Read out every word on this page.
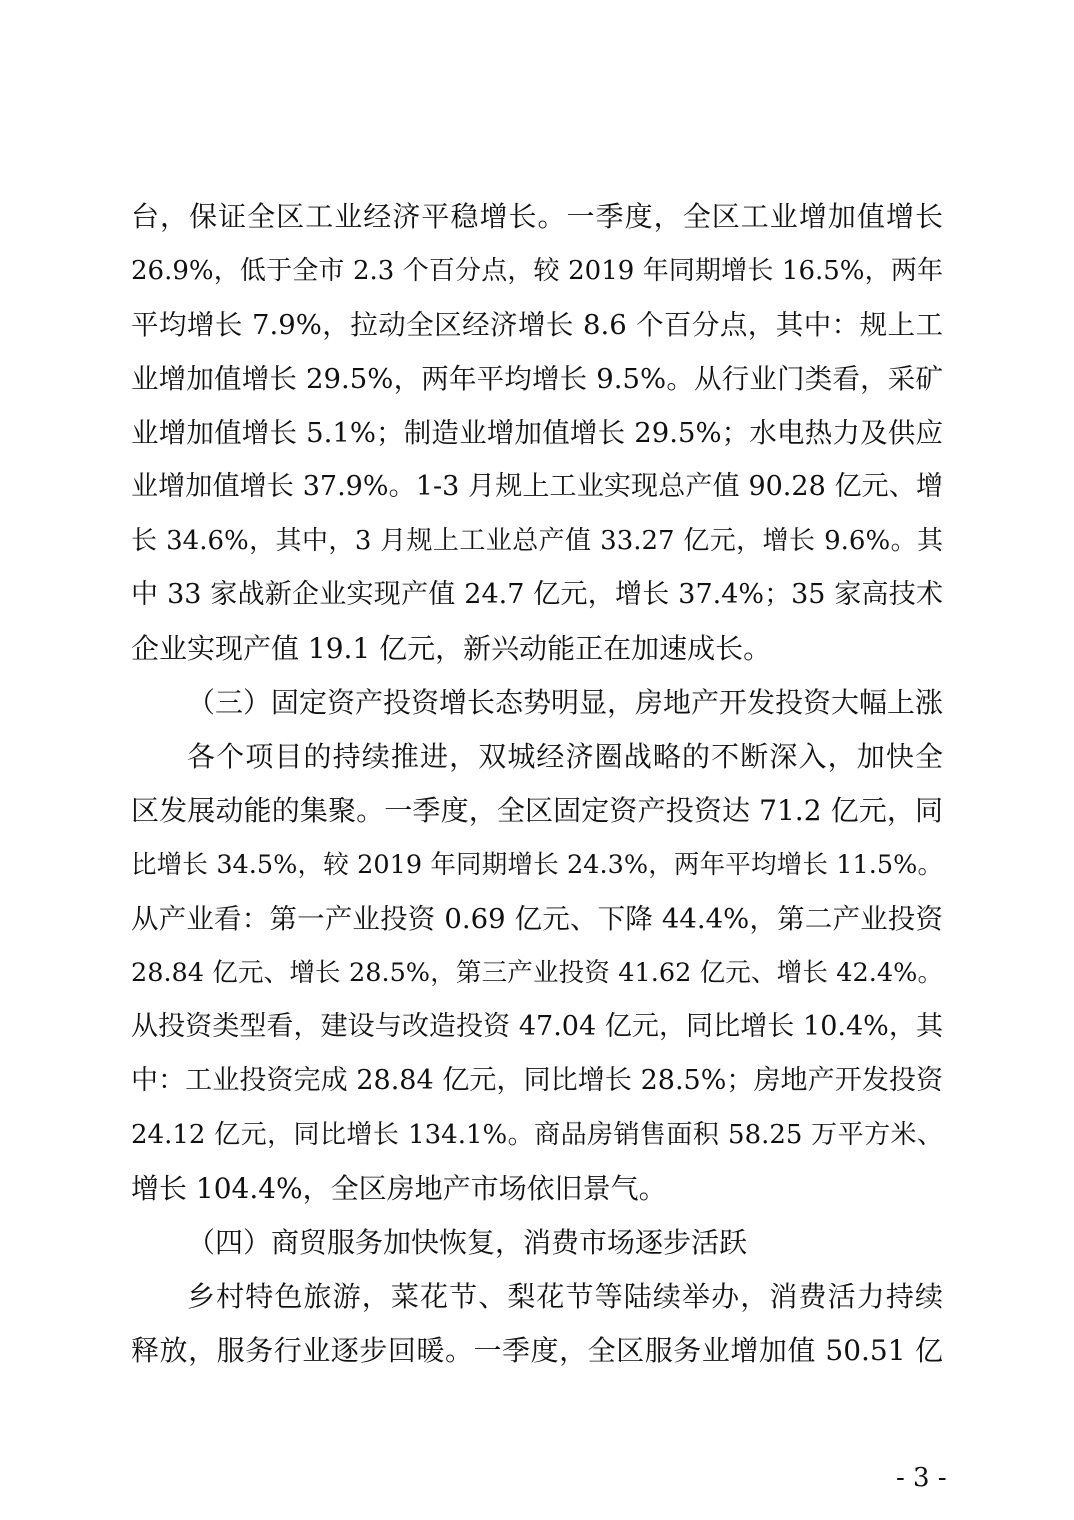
台，保证全区工业经济平稳增长。一季度，全区工业增加值增长
26.9%，低于全市 2.3 个百分点，较 2019 年同期增长 16.5%，两年
平均增长 7.9%，拉动全区经济增长 8.6 个百分点，其中：规上工
业增加值增长 29.5%，两年平均增长 9.5%。从行业门类看，采矿
业增加值增长 5.1%；制造业增加值增长 29.5%；水电热力及供应
业增加值增长 37.9%。1-3 月规上工业实现总产值 90.28 亿元、增
长 34.6%，其中，3 月规上工业总产值 33.27 亿元，增长 9.6%。其
中 33 家战新企业实现产值 24.7 亿元，增长 37.4%；35 家高技术
企业实现产值 19.1 亿元，新兴动能正在加速成长。
（三）固定资产投资增长态势明显，房地产开发投资大幅上涨
各个项目的持续推进，双城经济圈战略的不断深入，加快全
区发展动能的集聚。一季度，全区固定资产投资达 71.2 亿元，同
比增长 34.5%，较 2019 年同期增长 24.3%，两年平均增长 11.5%。
从产业看：第一产业投资 0.69 亿元、下降 44.4%，第二产业投资
28.84 亿元、增长 28.5%，第三产业投资 41.62 亿元、增长 42.4%。
从投资类型看，建设与改造投资 47.04 亿元，同比增长 10.4%，其
中：工业投资完成 28.84 亿元，同比增长 28.5%；房地产开发投资
24.12 亿元，同比增长 134.1%。商品房销售面积 58.25 万平方米、
增长 104.4%，全区房地产市场依旧景气。
（四）商贸服务加快恢复，消费市场逐步活跃
乡村特色旅游，菜花节、梨花节等陆续举办，消费活力持续
释放，服务行业逐步回暖。一季度，全区服务业增加值 50.51 亿
- 3 -
